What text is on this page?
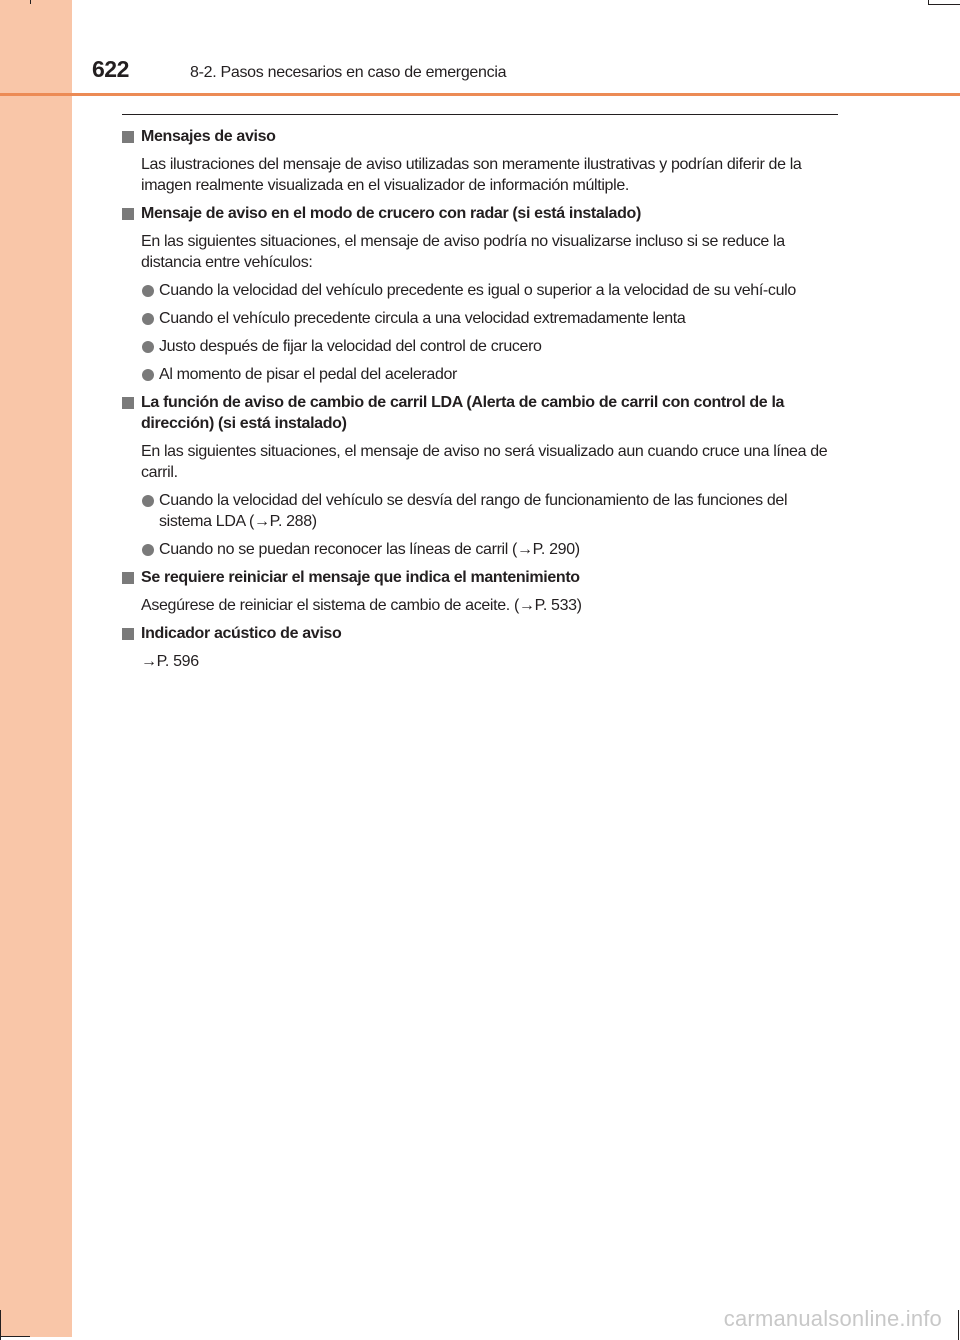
622	8-2. Pasos necesarios en caso de emergencia
Mensajes de aviso
Las ilustraciones del mensaje de aviso utilizadas son meramente ilustrativas y podrían diferir de la imagen realmente visualizada en el visualizador de información múltiple.
Mensaje de aviso en el modo de crucero con radar (si está instalado)
En las siguientes situaciones, el mensaje de aviso podría no visualizarse incluso si se reduce la distancia entre vehículos:
Cuando la velocidad del vehículo precedente es igual o superior a la velocidad de su vehí-culo
Cuando el vehículo precedente circula a una velocidad extremadamente lenta
Justo después de fijar la velocidad del control de crucero
Al momento de pisar el pedal del acelerador
La función de aviso de cambio de carril LDA (Alerta de cambio de carril con control de la dirección) (si está instalado)
En las siguientes situaciones, el mensaje de aviso no será visualizado aun cuando cruce una línea de carril.
Cuando la velocidad del vehículo se desvía del rango de funcionamiento de las funciones del sistema LDA (→P. 288)
Cuando no se puedan reconocer las líneas de carril (→P. 290)
Se requiere reiniciar el mensaje que indica el mantenimiento
Asegúrese de reiniciar el sistema de cambio de aceite. (→P. 533)
Indicador acústico de aviso
→P. 596
carmanualsonline.info
